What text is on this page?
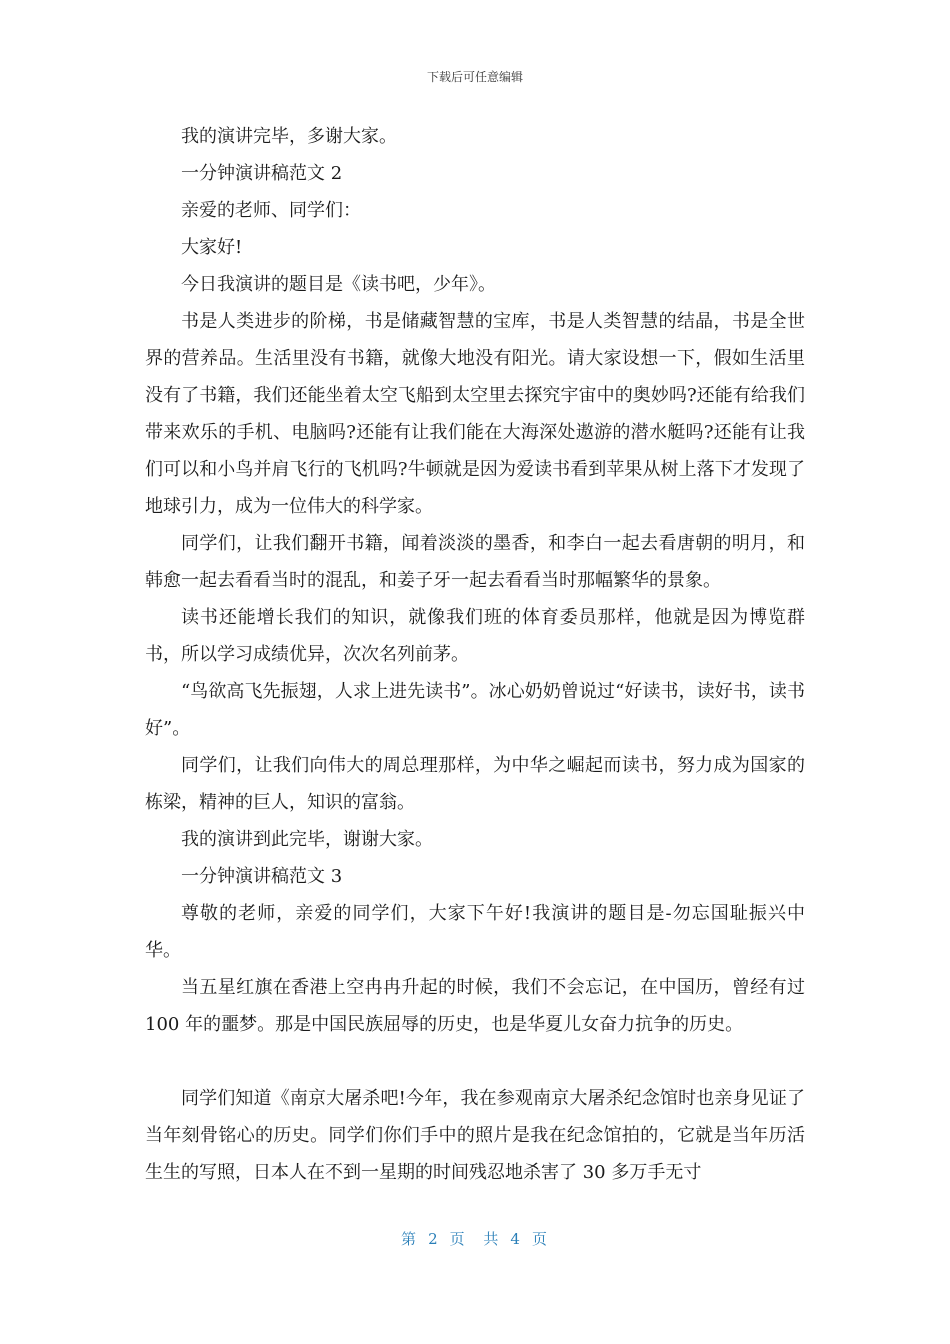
下载后可任意编辑

我的演讲完毕，多谢大家。

一分钟演讲稿范文 2

亲爱的老师、同学们：

大家好!

今日我演讲的题目是《读书吧，少年》。

书是人类进步的阶梯，书是储藏智慧的宝库，书是人类智慧的结晶，书是全世界的营养品。生活里没有书籍，就像大地没有阳光。请大家设想一下，假如生活里没有了书籍，我们还能坐着太空飞船到太空里去探究宇宙中的奥妙吗?还能有给我们带来欢乐的手机、电脑吗?还能有让我们能在大海深处遨游的潜水艇吗?还能有让我们可以和小鸟并肩飞行的飞机吗?牛顿就是因为爱读书看到苹果从树上落下才发现了地球引力，成为一位伟大的科学家。

同学们，让我们翻开书籍，闻着淡淡的墨香，和李白一起去看唐朝的明月，和韩愈一起去看看当时的混乱，和姜子牙一起去看看当时那幅繁华的景象。

读书还能增长我们的知识，就像我们班的体育委员那样，他就是因为博览群书，所以学习成绩优异，次次名列前茅。

“鸟欲高飞先振翅，人求上进先读书”。冰心奶奶曾说过“好读书，读好书，读书好”。

同学们，让我们向伟大的周总理那样，为中华之崛起而读书，努力成为国家的栋梁，精神的巨人，知识的富翁。

我的演讲到此完毕，谢谢大家。

一分钟演讲稿范文 3

尊敬的老师，亲爱的同学们，大家下午好!我演讲的题目是-勿忘国耻振兴中华。

当五星红旗在香港上空冉冉升起的时候，我们不会忘记，在中国历，曾经有过 100 年的噩梦。那是中国民族屈辱的历史，也是华夏儿女奋力抗争的历史。

同学们知道《南京大屠杀吧!今年，我在参观南京大屠杀纪念馆时也亲身见证了当年刻骨铭心的历史。同学们你们手中的照片是我在纪念馆拍的，它就是当年历活生生的写照，日本人在不到一星期的时间残忍地杀害了 30 多万手无寸

第 2 页 共 4 页
